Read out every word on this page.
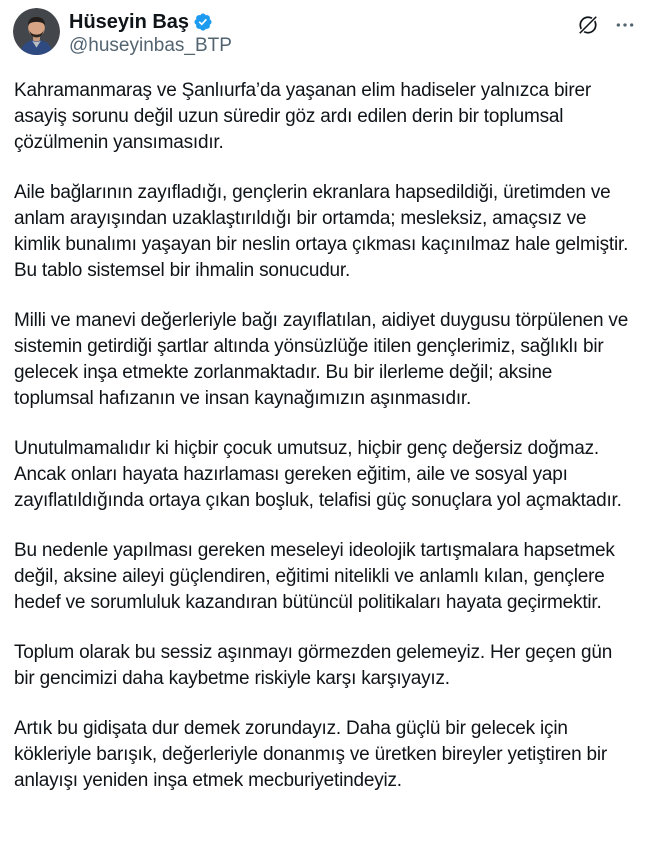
Hüseyin Baş
@huseyinbas_BTP

Kahramanmaraş ve Şanlıurfa’da yaşanan elim hadiseler yalnızca birer asayiş sorunu değil uzun süredir göz ardı edilen derin bir toplumsal çözülmenin yansımasıdır.

Aile bağlarının zayıfladığı, gençlerin ekranlara hapsedildiği, üretimden ve anlam arayışından uzaklaştırıldığı bir ortamda; mesleksiz, amaçsız ve kimlik bunalımı yaşayan bir neslin ortaya çıkması kaçınılmaz hale gelmiştir. Bu tablo sistemsel bir ihmalin sonucudur.

Milli ve manevi değerleriyle bağı zayıflatılan, aidiyet duygusu törpülenen ve sistemin getirdiği şartlar altında yönsüzlüğe itilen gençlerimiz, sağlıklı bir gelecek inşa etmekte zorlanmaktadır. Bu bir ilerleme değil; aksine toplumsal hafızanın ve insan kaynağımızın aşınmasıdır.

Unutulmamalıdır ki hiçbir çocuk umutsuz, hiçbir genç değersiz doğmaz. Ancak onları hayata hazırlaması gereken eğitim, aile ve sosyal yapı zayıflatıldığında ortaya çıkan boşluk, telafisi güç sonuçlara yol açmaktadır.

Bu nedenle yapılması gereken meseleyi ideolojik tartışmalara hapsetmek değil, aksine aileyi güçlendiren, eğitimi nitelikli ve anlamlı kılan, gençlere hedef ve sorumluluk kazandıran bütüncül politikaları hayata geçirmektir.

Toplum olarak bu sessiz aşınmayı görmezden gelemeyiz. Her geçen gün bir gencimizi daha kaybetme riskiyle karşı karşıyayız.

Artık bu gidişata dur demek zorundayız. Daha güçlü bir gelecek için kökleriyle barışık, değerleriyle donanmış ve üretken bireyler yetiştiren bir anlayışı yeniden inşa etmek mecburiyetindeyiz.
